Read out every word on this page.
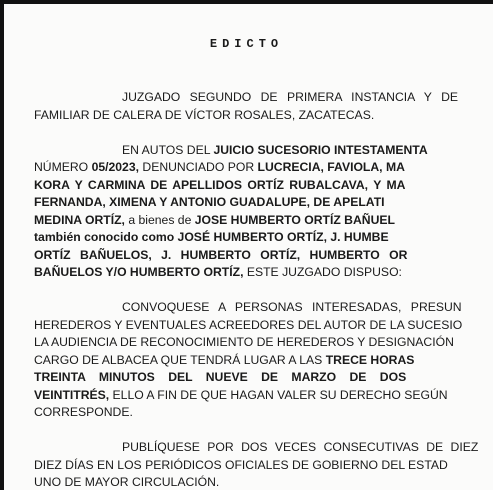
EDICTO
JUZGADO SEGUNDO DE PRIMERA INSTANCIA Y DE
FAMILIAR DE CALERA DE VÍCTOR ROSALES, ZACATECAS.
EN AUTOS DEL JUICIO SUCESORIO INTESTAMENTA
NÚMERO 05/2023, DENUNCIADO POR LUCRECIA, FAVIOLA, MA
KORA Y CARMINA DE APELLIDOS ORTÍZ RUBALCAVA, Y MA
FERNANDA, XIMENA Y ANTONIO GUADALUPE, DE APELATI
MEDINA ORTÍZ, a bienes de JOSE HUMBERTO ORTÍZ BAÑUEL
también conocido como JOSÉ HUMBERTO ORTÍZ, J. HUMBE
ORTÍZ BAÑUELOS, J. HUMBERTO ORTÍZ, HUMBERTO OR
BAÑUELOS Y/O HUMBERTO ORTÍZ, ESTE JUZGADO DISPUSO:
CONVOQUESE A PERSONAS INTERESADAS, PRESUN
HEREDEROS Y EVENTUALES ACREEDORES DEL AUTOR DE LA SUCESIO
LA AUDIENCIA DE RECONOCIMIENTO DE HEREDEROS Y DESIGNACIÓN
CARGO DE ALBACEA QUE TENDRÁ LUGAR A LAS TRECE HORAS
TREINTA MINUTOS DEL NUEVE DE MARZO DE DOS
VEINTITRÉS, ELLO A FIN DE QUE HAGAN VALER SU DERECHO SEGÚN
CORRESPONDE.
PUBLÍQUESE POR DOS VECES CONSECUTIVAS DE DIEZ
DIEZ DÍAS EN LOS PERIÓDICOS OFICIALES DE GOBIERNO DEL ESTAD
UNO DE MAYOR CIRCULACIÓN.
